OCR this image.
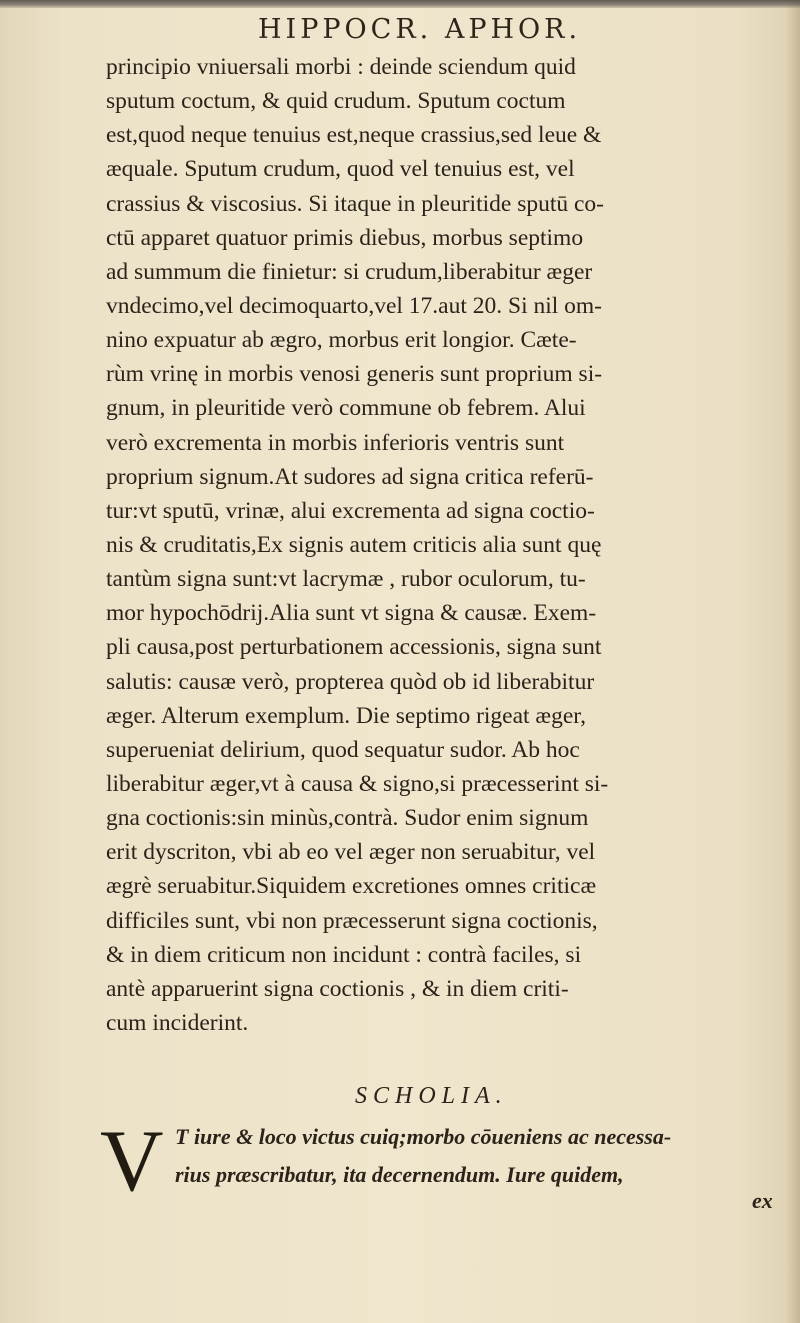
HIPPOCR. APHOR.
principio vniuersali morbi : deinde sciendum quid
sputum coctum, & quid crudum. Sputum coctum
est,quod neque tenuius est,neque crassius,sed leue &
æquale. Sputum crudum, quod vel tenuius est, vel
crassius & viscosius. Si itaque in pleuritide sputū co-
ctū apparet quatuor primis diebus, morbus septimo
ad summum die finietur: si crudum,liberabitur æger
vndecimo,vel decimoquarto,vel 17.aut 20. Si nil om-
nino expuatur ab ægro, morbus erit longior. Cæte-
rùm vrinę in morbis venosi generis sunt proprium si-
gnum, in pleuritide verò commune ob febrem. Alui
verò excrementa in morbis inferioris ventris sunt
proprium signum.At sudores ad signa critica referū-
tur:vt sputū, vrinæ, alui excrementa ad signa coctio-
nis & cruditatis,Ex signis autem criticis alia sunt quę
tantùm signa sunt:vt lacrymæ , rubor oculorum, tu-
mor hypochōdrij.Alia sunt vt signa & causæ. Exem-
pli causa,post perturbationem accessionis, signa sunt
salutis: causæ verò, propterea quòd ob id liberabitur
æger. Alterum exemplum. Die septimo rigeat æger,
superueniat delirium, quod sequatur sudor. Ab hoc
liberabitur æger,vt à causa & signo,si præcesserint si-
gna coctionis:sin minùs,contrà. Sudor enim signum
erit dyscriton, vbi ab eo vel æger non seruabitur, vel
ægrè seruabitur.Siquidem excretiones omnes criticæ
difficiles sunt, vbi non præcesserunt signa coctionis,
& in diem criticum non incidunt : contrà faciles, si
antè apparuerint signa coctionis , & in diem criti-
cum inciderint.
SCHOLIA.
V T iure & loco victus cuiq;morbo cōueniens ac necessa-
rius præscribatur, ita decernendum. Iure quidem,
ex
